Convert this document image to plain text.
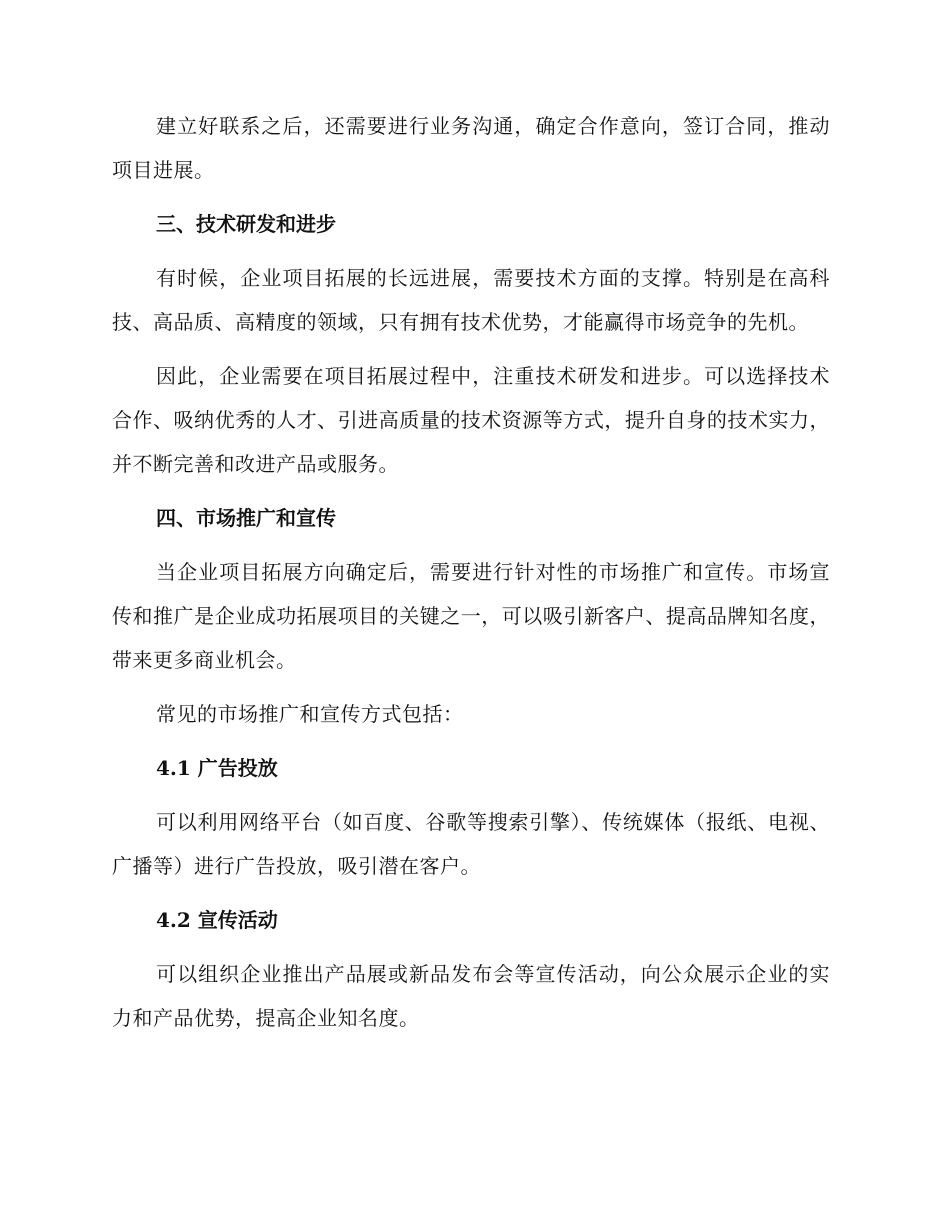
建立好联系之后，还需要进行业务沟通，确定合作意向，签订合同，推动项目进展。

三、技术研发和进步

有时候，企业项目拓展的长远进展，需要技术方面的支撑。特别是在高科技、高品质、高精度的领域，只有拥有技术优势，才能赢得市场竞争的先机。

因此，企业需要在项目拓展过程中，注重技术研发和进步。可以选择技术合作、吸纳优秀的人才、引进高质量的技术资源等方式，提升自身的技术实力，并不断完善和改进产品或服务。

四、市场推广和宣传

当企业项目拓展方向确定后，需要进行针对性的市场推广和宣传。市场宣传和推广是企业成功拓展项目的关键之一，可以吸引新客户、提高品牌知名度，带来更多商业机会。

常见的市场推广和宣传方式包括：

4.1 广告投放

可以利用网络平台（如百度、谷歌等搜索引擎）、传统媒体（报纸、电视、广播等）进行广告投放，吸引潜在客户。

4.2 宣传活动

可以组织企业推出产品展或新品发布会等宣传活动，向公众展示企业的实力和产品优势，提高企业知名度。
